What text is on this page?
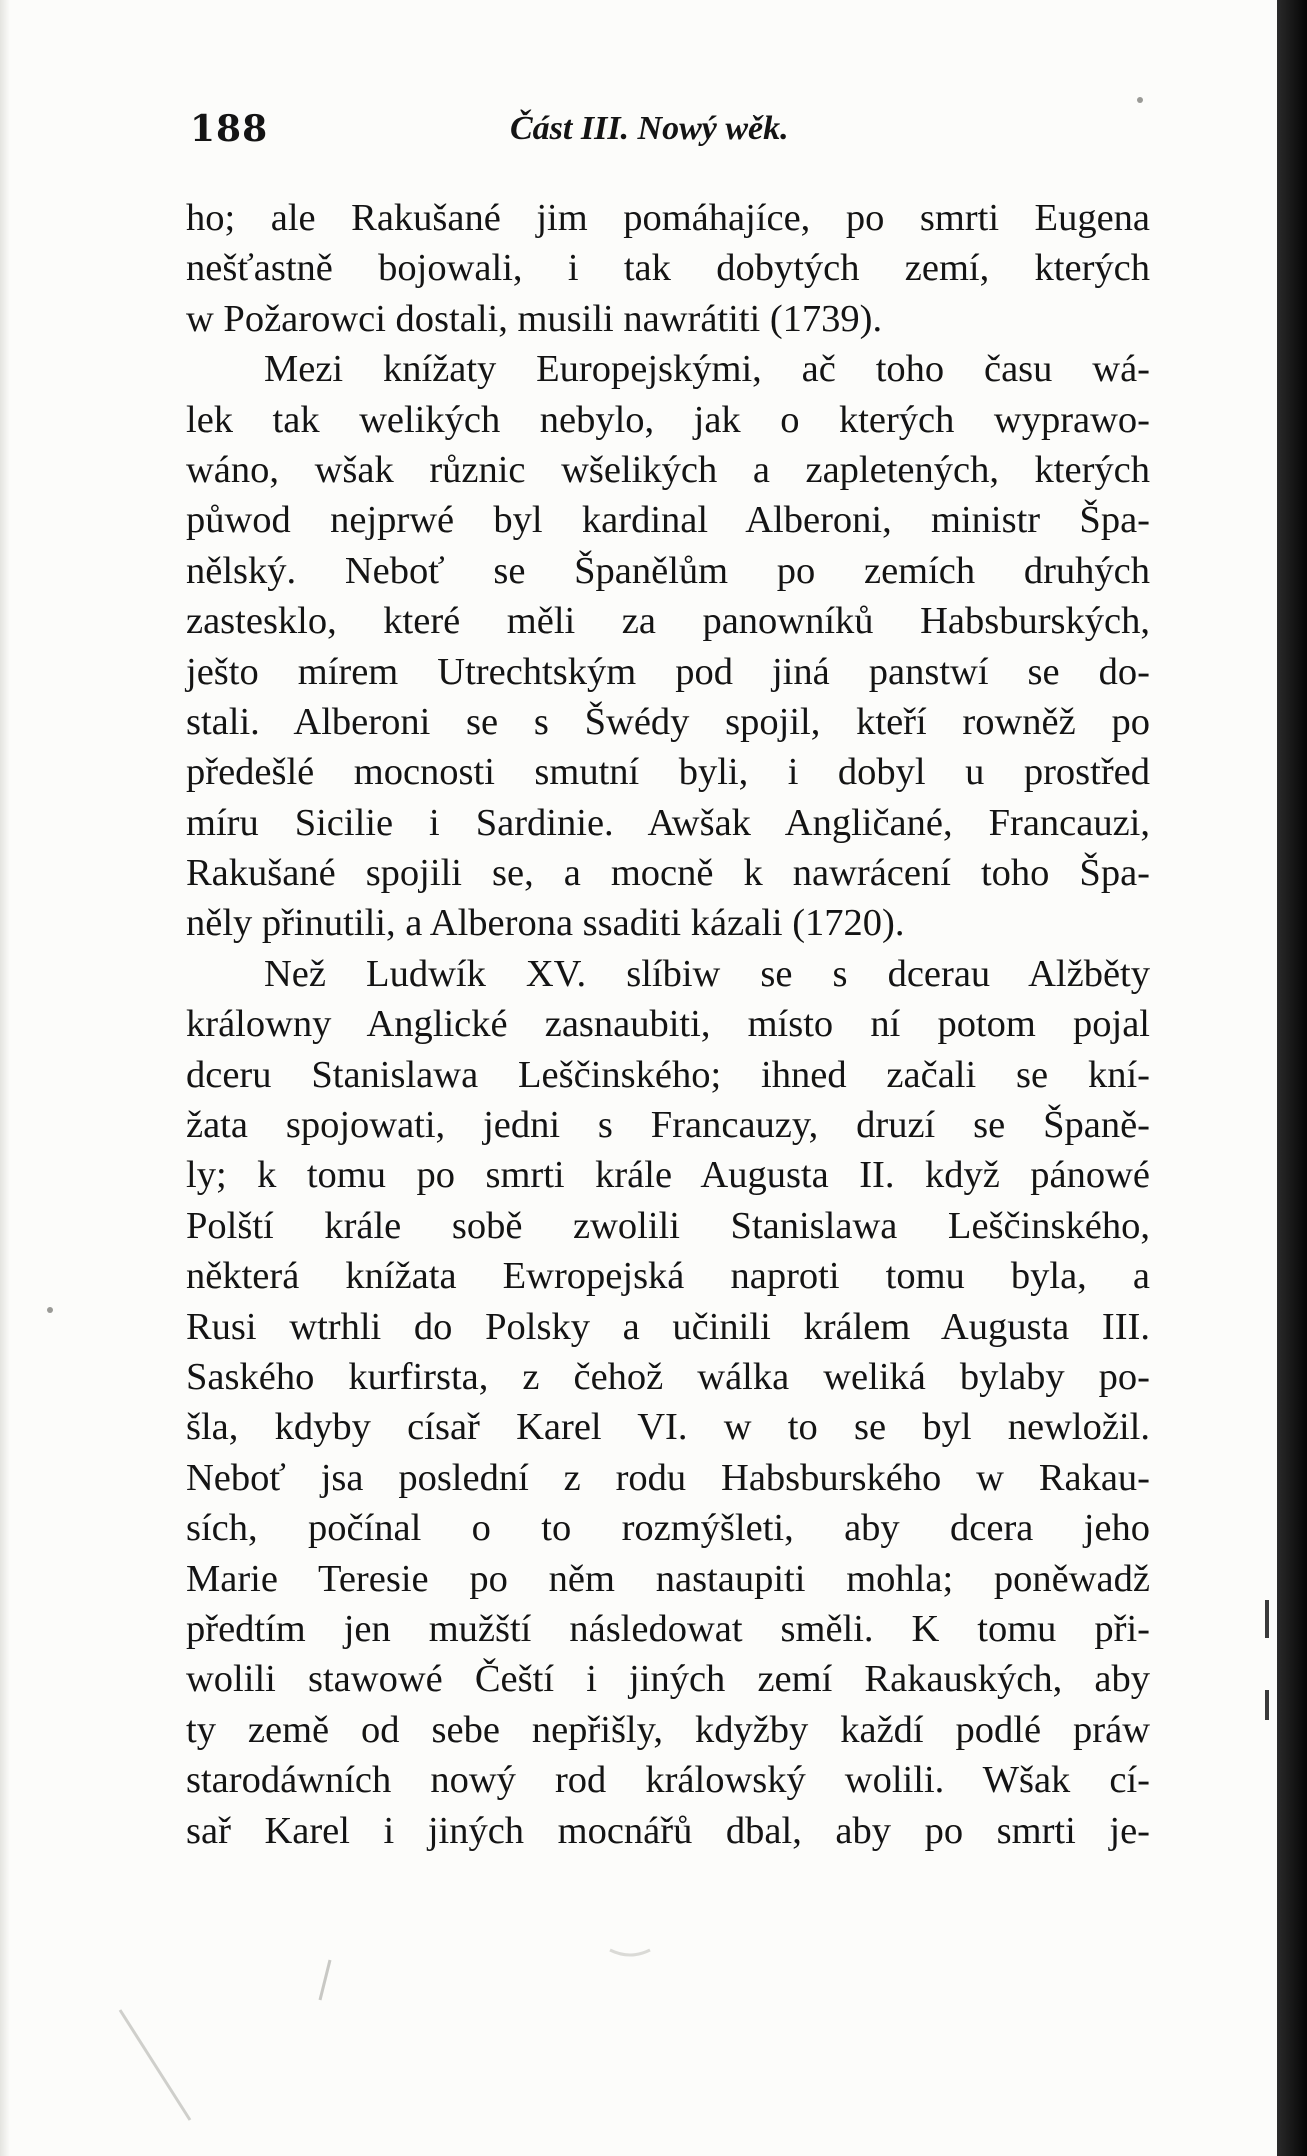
188	Část III. Nowý wěk.
ho; ale Rakušané jim pomáhajíce, po smrti Eugena
nešťastně bojowali, i tak dobytých zemí, kterých
w Požarowci dostali, musili nawrátiti (1739).
Mezi knížaty Europejskými, ač toho času wá-
lek tak welikých nebylo, jak o kterých wyprawo-
wáno, wšak různic wšelikých a zapletených, kterých
půwod nejprwé byl kardinal Alberoni, ministr Špa-
nělský. Neboť se Španělům po zemích druhých
zastesklo, které měli za panowníků Habsburských,
ješto mírem Utrechtským pod jiná panstwí se do-
stali. Alberoni se s Šwédy spojil, kteří rowněž po
předešlé mocnosti smutní byli, i dobyl u prostřed
míru Sicilie i Sardinie. Awšak Angličané, Francauzi,
Rakušané spojili se, a mocně k nawrácení toho Špa-
něly přinutili, a Alberona ssaditi kázali (1720).
Než Ludwík XV. slíbiw se s dcerau Alžběty
králowny Anglické zasnaubiti, místo ní potom pojal
dceru Stanislawa Leščinského; ihned začali se kní-
žata spojowati, jedni s Francauzy, druzí se Španě-
ly; k tomu po smrti krále Augusta II. když pánowé
Polští krále sobě zwolili Stanislawa Leščinského,
některá knížata Ewropejská naproti tomu byla, a
Rusi wtrhli do Polsky a učinili králem Augusta III.
Saského kurfirsta, z čehož wálka weliká bylaby po-
šla, kdyby císař Karel VI. w to se byl newložil.
Neboť jsa poslední z rodu Habsburského w Rakau-
sích, počínal o to rozmýšleti, aby dcera jeho
Marie Teresie po něm nastaupiti mohla; poněwadž
předtím jen mužští následowat směli. K tomu při-
wolili stawowé Čeští i jiných zemí Rakauských, aby
ty země od sebe nepřišly, kdyžby každí podlé práw
starodáwních nowý rod králowský wolili. Wšak cí-
sař Karel i jiných mocnářů dbal, aby po smrti je-
